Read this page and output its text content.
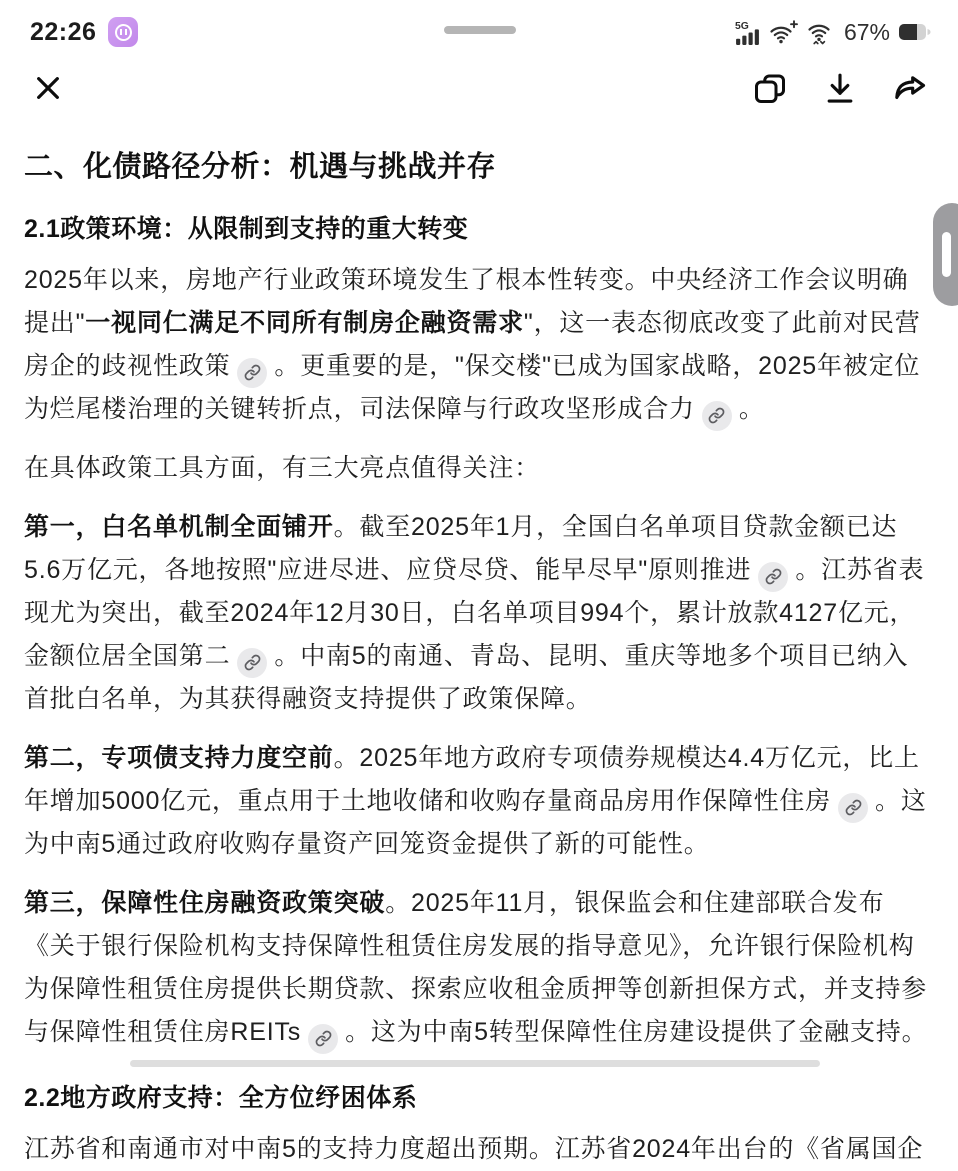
22:26	5G	67%
二、化债路径分析：机遇与挑战并存
2.1政策环境：从限制到支持的重大转变

2025年以来，房地产行业政策环境发生了根本性转变。中央经济工作会议明确提出"一视同仁满足不同所有制房企融资需求"，这一表态彻底改变了此前对民营房企的歧视性政策 。更重要的是，"保交楼"已成为国家战略，2025年被定位为烂尾楼治理的关键转折点，司法保障与行政攻坚形成合力 。

在具体政策工具方面，有三大亮点值得关注：

第一，白名单机制全面铺开。截至2025年1月，全国白名单项目贷款金额已达5.6万亿元，各地按照"应进尽进、应贷尽贷、能早尽早"原则推进 。江苏省表现尤为突出，截至2024年12月30日，白名单项目994个，累计放款4127亿元，金额位居全国第二 。中南5的南通、青岛、昆明、重庆等地多个项目已纳入首批白名单，为其获得融资支持提供了政策保障。

第二，专项债支持力度空前。2025年地方政府专项债券规模达4.4万亿元，比上年增加5000亿元，重点用于土地收储和收购存量商品房用作保障性住房 。这为中南5通过政府收购存量资产回笼资金提供了新的可能性。

第三，保障性住房融资政策突破。2025年11月，银保监会和住建部联合发布《关于银行保险机构支持保障性租赁住房发展的指导意见》，允许银行保险机构为保障性租赁住房提供长期贷款、探索应收租金质押等创新担保方式，并支持参与保障性租赁住房REITs 。这为中南5转型保障性住房建设提供了金融支持。

2.2地方政府支持：全方位纾困体系

江苏省和南通市对中南5的支持力度超出预期。江苏省2024年出台的《省属国企
